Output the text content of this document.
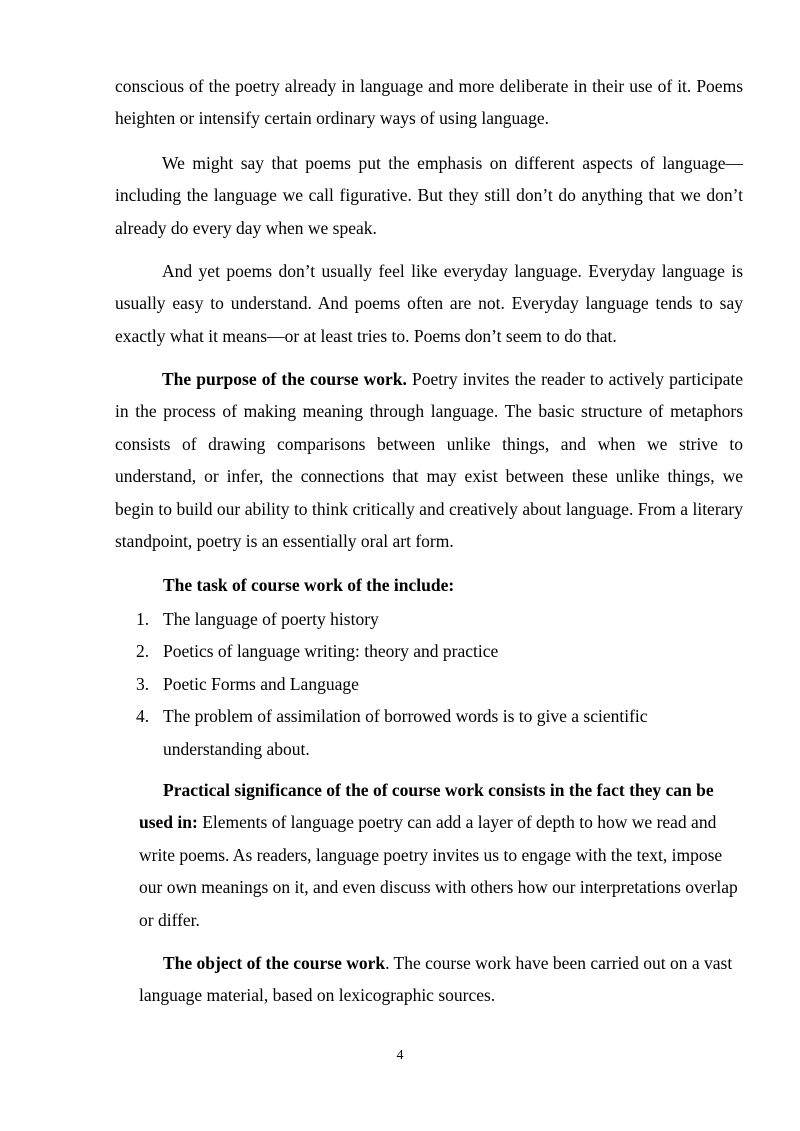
conscious of the poetry already in language and more deliberate in their use of it. Poems heighten or intensify certain ordinary ways of using language.

We might say that poems put the emphasis on different aspects of language—including the language we call figurative. But they still don’t do anything that we don’t already do every day when we speak.

And yet poems don’t usually feel like everyday language. Everyday language is usually easy to understand. And poems often are not. Everyday language tends to say exactly what it means—or at least tries to. Poems don’t seem to do that.

The purpose of the course work. Poetry invites the reader to actively participate in the process of making meaning through language. The basic structure of metaphors consists of drawing comparisons between unlike things, and when we strive to understand, or infer, the connections that may exist between these unlike things, we begin to build our ability to think critically and creatively about language. From a literary standpoint, poetry is an essentially oral art form.

The task of course work of the include:
1. The language of poerty history
2. Poetics of language writing: theory and practice
3. Poetic Forms and Language
4. The problem of assimilation of borrowed words is to give a scientific understanding about.

Practical significance of the of course work consists in the fact they can be used in: Elements of language poetry can add a layer of depth to how we read and write poems. As readers, language poetry invites us to engage with the text, impose our own meanings on it, and even discuss with others how our interpretations overlap or differ.

The object of the course work. The course work have been carried out on a vast language material, based on lexicographic sources.

4
